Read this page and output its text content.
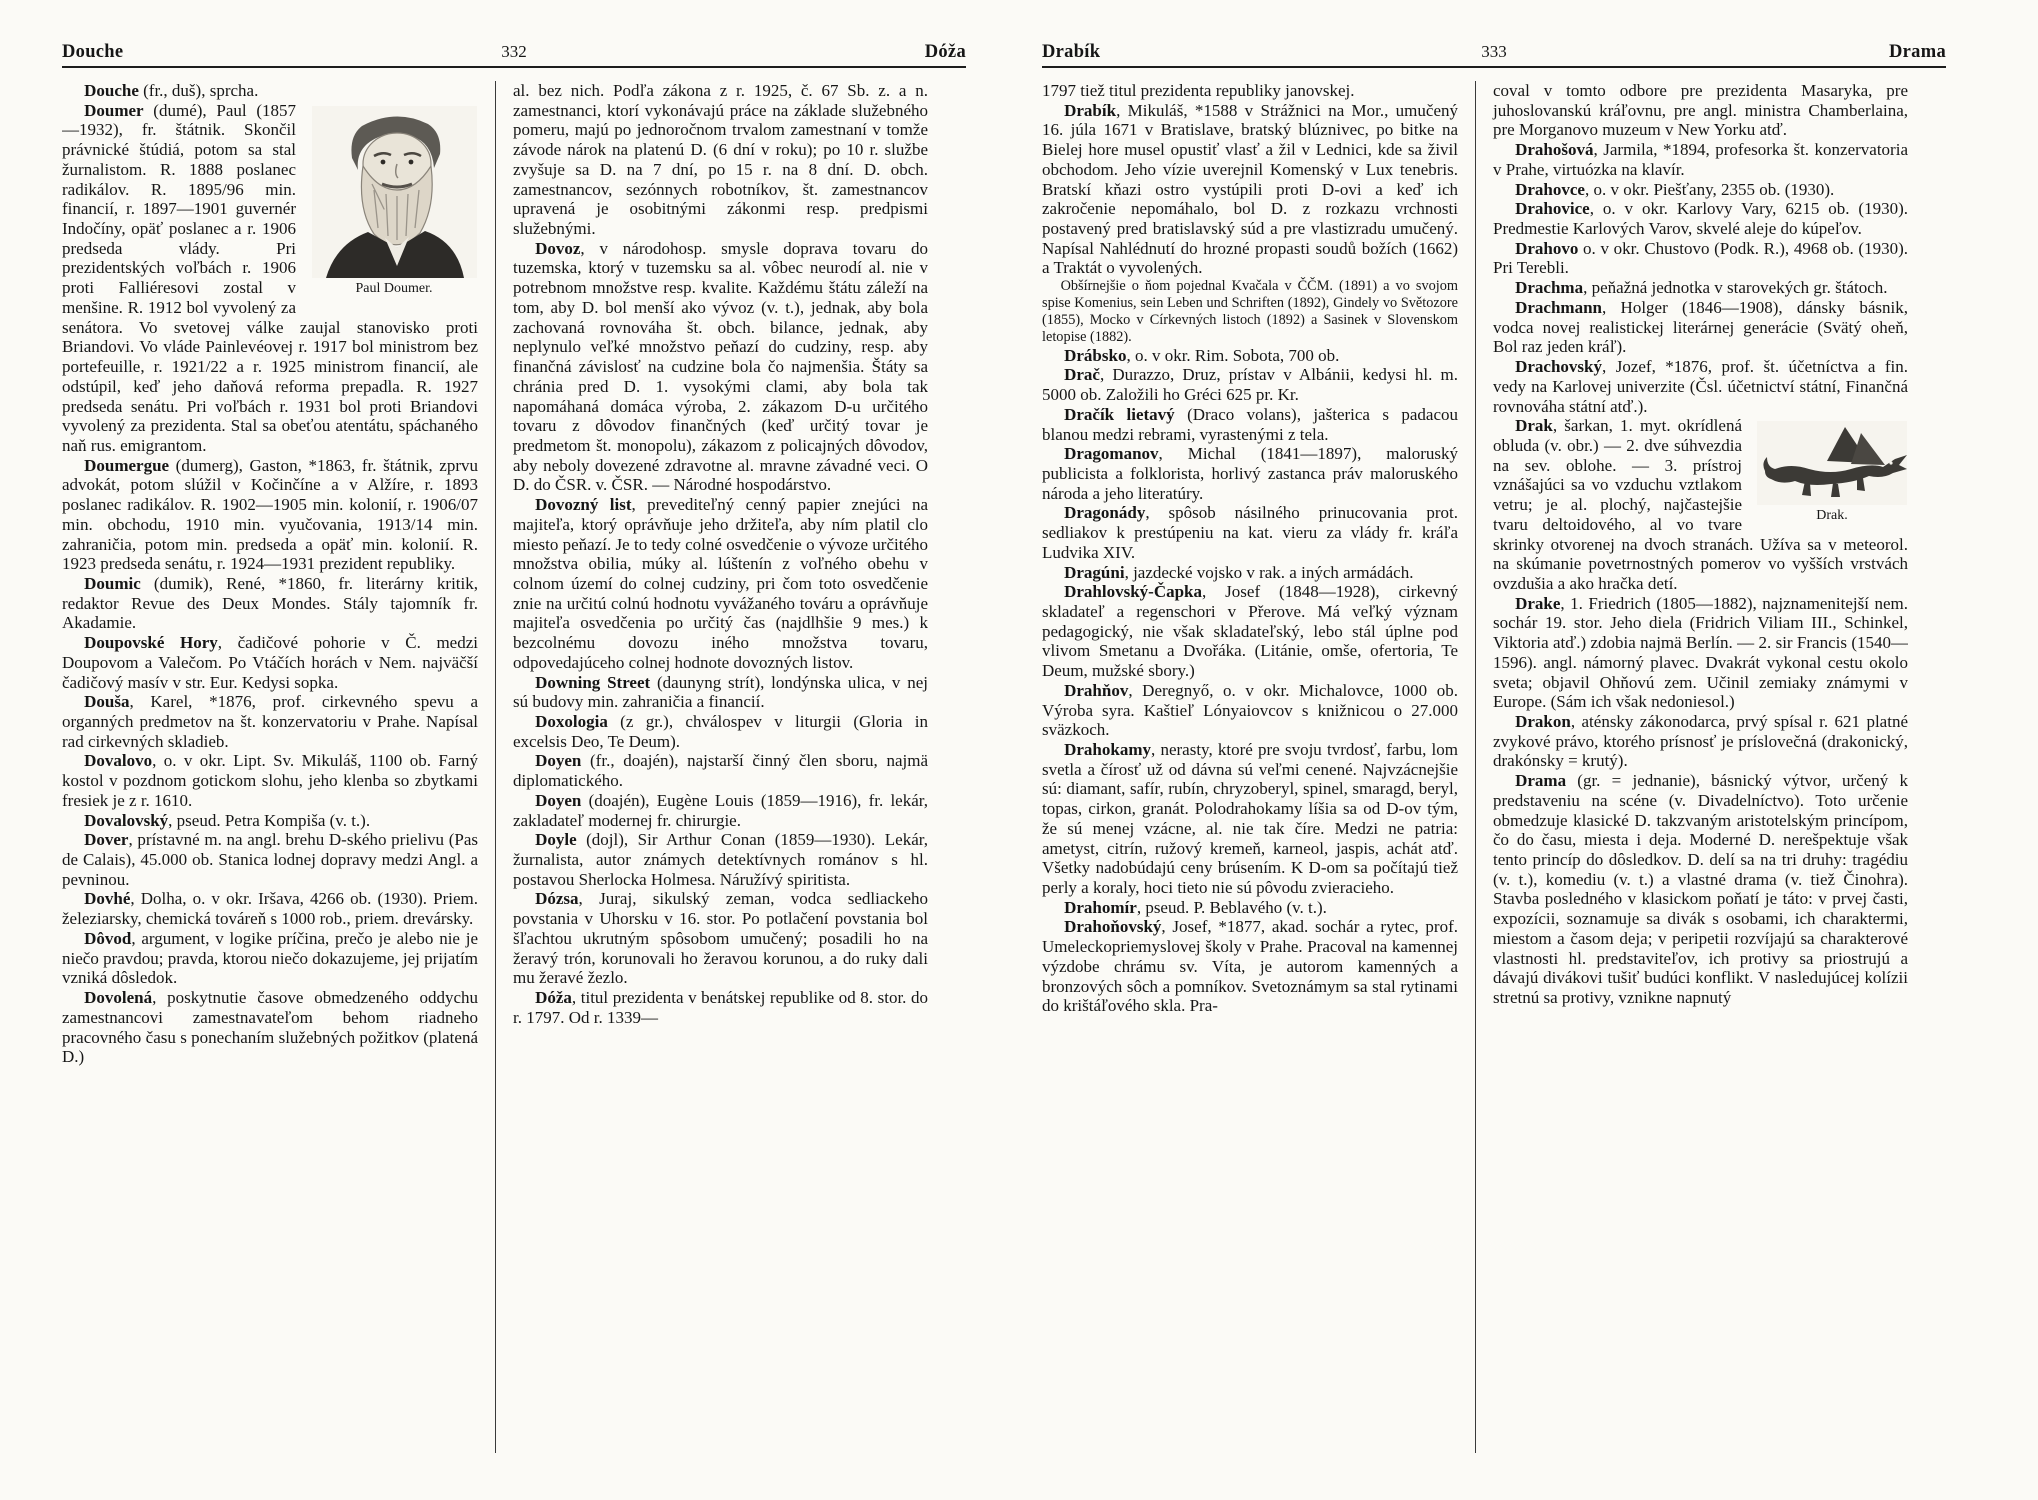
Douche	332	Dóža

Douche (fr., duš), sprcha.

Paul Doumer.
Doumer (dumé), Paul (1857—1932), fr. štátnik. Skončil právnické štúdiá, potom sa stal žurnalistom. R. 1888 poslanec radikálov. R. 1895/96 min. financií, r. 1897—1901 guvernér Indočíny, opäť poslanec a r. 1906 predseda vlády. Pri prezidentských voľbách r. 1906 proti Falliéresovi zostal v menšine. R. 1912 bol vyvolený za senátora. Vo svetovej válke zaujal stanovisko proti Briandovi. Vo vláde Painlevéovej r. 1917 bol ministrom bez portefeuille, r. 1921/22 a r. 1925 ministrom financií, ale odstúpil, keď jeho daňová reforma prepadla. R. 1927 predseda senátu. Pri voľbách r. 1931 bol proti Briandovi vyvolený za prezidenta. Stal sa obeťou atentátu, spáchaného naň rus. emigrantom.

Doumergue (dumerg), Gaston, *1863, fr. štátnik, zprvu advokát, potom slúžil v Kočinčíne a v Alžíre, r. 1893 poslanec radikálov. R. 1902—1905 min. kolonií, r. 1906/07 min. obchodu, 1910 min. vyučovania, 1913/14 min. zahraničia, potom min. predseda a opäť min. kolonií. R. 1923 predseda senátu, r. 1924—1931 prezident republiky.

Doumic (dumik), René, *1860, fr. literárny kritik, redaktor Revue des Deux Mondes. Stály tajomník fr. Akadamie.

Doupovské Hory, čadičové pohorie v Č. medzi Doupovom a Valečom. Po Vtáčích horách v Nem. najväčší čadičový masív v str. Eur. Kedysi sopka.

Douša, Karel, *1876, prof. cirkevného spevu a organných predmetov na št. konzervatoriu v Prahe. Napísal rad cirkevných skladieb.

Dovalovo, o. v okr. Lipt. Sv. Mikuláš, 1100 ob. Farný kostol v pozdnom gotickom slohu, jeho klenba so zbytkami fresiek je z r. 1610.

Dovalovský, pseud. Petra Kompiša (v. t.).

Dover, prístavné m. na angl. brehu D-ského prielivu (Pas de Calais), 45.000 ob. Stanica lodnej dopravy medzi Angl. a pevninou.

Dovhé, Dolha, o. v okr. Iršava, 4266 ob. (1930). Priem. železiarsky, chemická továreň s 1000 rob., priem. drevársky.

Dôvod, argument, v logike príčina, prečo je alebo nie je niečo pravdou; pravda, ktorou niečo dokazujeme, jej prijatím vzniká dôsledok.

Dovolená, poskytnutie časove obmedzeného oddychu zamestnancovi zamestnavateľom behom riadneho pracovného času s ponechaním služebných požitkov (platená D.)

al. bez nich. Podľa zákona z r. 1925, č. 67 Sb. z. a n. zamestnanci, ktorí vykonávajú práce na základe služebného pomeru, majú po jednoročnom trvalom zamestnaní v tomže závode nárok na platenú D. (6 dní v roku); po 10 r. službe zvyšuje sa D. na 7 dní, po 15 r. na 8 dní. D. obch. zamestnancov, sezónnych robotníkov, št. zamestnancov upravená je osobitnými zákonmi resp. predpismi služebnými.

Dovoz, v národohosp. smysle doprava tovaru do tuzemska, ktorý v tuzemsku sa al. vôbec neurodí al. nie v potrebnom množstve resp. kvalite. Každému štátu záleží na tom, aby D. bol menší ako vývoz (v. t.), jednak, aby bola zachovaná rovnováha št. obch. bilance, jednak, aby neplynulo veľké množstvo peňazí do cudziny, resp. aby finančná závislosť na cudzine bola čo najmenšia. Štáty sa chránia pred D. 1. vysokými clami, aby bola tak napomáhaná domáca výroba, 2. zákazom D-u určitého tovaru z dôvodov finančných (keď určitý tovar je predmetom št. monopolu), zákazom z policajných dôvodov, aby neboly dovezené zdravotne al. mravne závadné veci. O D. do ČSR. v. ČSR. — Národné hospodárstvo.

Dovozný list, prevediteľný cenný papier znejúci na majiteľa, ktorý oprávňuje jeho držiteľa, aby ním platil clo miesto peňazí. Je to tedy colné osvedčenie o vývoze určitého množstva obilia, múky al. lúštenín z voľného obehu v colnom území do colnej cudziny, pri čom toto osvedčenie znie na určitú colnú hodnotu vyvážaného továru a oprávňuje majiteľa osvedčenia po určitý čas (najdlhšie 9 mes.) k bezcolnému dovozu iného množstva tovaru, odpovedajúceho colnej hodnote dovozných listov.

Downing Street (daunyng strít), londýnska ulica, v nej sú budovy min. zahraničia a financií.

Doxologia (z gr.), chválospev v liturgii (Gloria in excelsis Deo, Te Deum).

Doyen (fr., doajén), najstarší činný člen sboru, najmä diplomatického.

Doyen (doajén), Eugène Louis (1859—1916), fr. lekár, zakladateľ modernej fr. chirurgie.

Doyle (dojl), Sir Arthur Conan (1859—1930). Lekár, žurnalista, autor známych detektívnych románov s hl. postavou Sherlocka Holmesa. Náružívý spiritista.

Dózsa, Juraj, sikulský zeman, vodca sedliackeho povstania v Uhorsku v 16. stor. Po potlačení povstania bol šľachtou ukrutným spôsobom umučený; posadili ho na žeravý trón, korunovali ho žeravou korunou, a do ruky dali mu žeravé žezlo.

Dóža, titul prezidenta v benátskej republike od 8. stor. do r. 1797. Od r. 1339—

Drabík	333	Drama

1797 tiež titul prezidenta republiky janovskej.

Drabík, Mikuláš, *1588 v Strážnici na Mor., umučený 16. júla 1671 v Bratislave, bratský blúznivec, po bitke na Bielej hore musel opustiť vlasť a žil v Lednici, kde sa živil obchodom. Jeho vízie uverejnil Komenský v Lux tenebris. Bratskí kňazi ostro vystúpili proti D-ovi a keď ich zakročenie nepomáhalo, bol D. z rozkazu vrchnosti postavený pred bratislavský súd a pre vlastizradu umučený. Napísal Nahlédnutí do hrozné propasti soudů božích (1662) a Traktát o vyvolených.

Obšírnejšie o ňom pojednal Kvačala v ČČM. (1891) a vo svojom spise Komenius, sein Leben und Schriften (1892), Gindely vo Světozore (1855), Mocko v Církevných listoch (1892) a Sasinek v Slovenskom letopise (1882).

Drábsko, o. v okr. Rim. Sobota, 700 ob.

Drač, Durazzo, Druz, prístav v Albánii, kedysi hl. m. 5000 ob. Založili ho Gréci 625 pr. Kr.

Dračík lietavý (Draco volans), jašterica s padacou blanou medzi rebrami, vyrastenými z tela.

Dragomanov, Michal (1841—1897), maloruský publicista a folklorista, horlivý zastanca práv maloruského národa a jeho literatúry.

Dragonády, spôsob násilného prinucovania prot. sedliakov k prestúpeniu na kat. vieru za vlády fr. kráľa Ludvika XIV.

Dragúni, jazdecké vojsko v rak. a iných armádách.

Drahlovský-Čapka, Josef (1848—1928), cirkevný skladateľ a regenschori v Přerove. Má veľký význam pedagogický, nie však skladateľský, lebo stál úplne pod vlivom Smetanu a Dvořáka. (Litánie, omše, ofertoria, Te Deum, mužské sbory.)

Drahňov, Deregnyő, o. v okr. Michalovce, 1000 ob. Výroba syra. Kaštieľ Lónyaiovcov s knižnicou o 27.000 sväzkoch.

Drahokamy, nerasty, ktoré pre svoju tvrdosť, farbu, lom svetla a čírosť už od dávna sú veľmi cenené. Najvzácnejšie sú: diamant, safír, rubín, chryzoberyl, spinel, smaragd, beryl, topas, cirkon, granát. Polodrahokamy líšia sa od D-ov tým, že sú menej vzácne, al. nie tak číre. Medzi ne patria: ametyst, citrín, ružový kremeň, karneol, jaspis, achát atď. Všetky nadobúdajú ceny brúsením. K D-om sa počítajú tiež perly a koraly, hoci tieto nie sú pôvodu zvieracieho.

Drahomír, pseud. P. Beblavého (v. t.).

Drahoňovský, Josef, *1877, akad. sochár a rytec, prof. Umeleckopriemyslovej školy v Prahe. Pracoval na kamennej výzdobe chrámu sv. Víta, je autorom kamenných a bronzových sôch a pomníkov. Svetoznámym sa stal rytinami do krištáľového skla. Pra-

coval v tomto odbore pre prezidenta Masaryka, pre juhoslovanskú kráľovnu, pre angl. ministra Chamberlaina, pre Morganovo muzeum v New Yorku atď.

Drahošová, Jarmila, *1894, profesorka št. konzervatoria v Prahe, virtuózka na klavír.

Drahovce, o. v okr. Piešťany, 2355 ob. (1930).

Drahovice, o. v okr. Karlovy Vary, 6215 ob. (1930). Predmestie Karlových Varov, skvelé aleje do kúpeľov.

Drahovo o. v okr. Chustovo (Podk. R.), 4968 ob. (1930). Pri Terebli.

Drachma, peňažná jednotka v starovekých gr. štátoch.

Drachmann, Holger (1846—1908), dánsky básnik, vodca novej realistickej literárnej generácie (Svätý oheň, Bol raz jeden kráľ).

Drachovský, Jozef, *1876, prof. št. účetníctva a fin. vedy na Karlovej univerzite (Čsl. účetnictví státní, Finančná rovnováha státní atď.).

Drak.
Drak, šarkan, 1. myt. okrídlená obluda (v. obr.) — 2. dve súhvezdia na sev. oblohe. — 3. prístroj vznášajúci sa vo vzduchu vztlakom vetru; je al. plochý, najčastejšie tvaru deltoidového, al vo tvare skrinky otvorenej na dvoch stranách. Užíva sa v meteorol. na skúmanie povetrnostných pomerov vo vyšších vrstvách ovzdušia a ako hračka detí.

Drake, 1. Friedrich (1805—1882), najznamenitejší nem. sochár 19. stor. Jeho diela (Fridrich Viliam III., Schinkel, Viktoria atď.) zdobia najmä Berlín. — 2. sir Francis (1540—1596). angl. námorný plavec. Dvakrát vykonal cestu okolo sveta; objavil Ohňovú zem. Učinil zemiaky známymi v Europe. (Sám ich však nedoniesol.)

Drakon, aténsky zákonodarca, prvý spísal r. 621 platné zvykové právo, ktorého prísnosť je príslovečná (drakonický, drakónsky = krutý).

Drama (gr. = jednanie), básnický výtvor, určený k predstaveniu na scéne (v. Divadelníctvo). Toto určenie obmedzuje klasické D. takzvaným aristotelským princípom, čo do času, miesta i deja. Moderné D. nerešpektuje však tento princíp do dôsledkov. D. delí sa na tri druhy: tragédiu (v. t.), komediu (v. t.) a vlastné drama (v. tiež Činohra). Stavba posledného v klasickom poňatí je táto: v prvej časti, expozícii, soznamuje sa divák s osobami, ich charaktermi, miestom a časom deja; v peripetii rozvíjajú sa charakterové vlastnosti hl. predstaviteľov, ich protivy sa priostrujú a dávajú divákovi tušiť budúci konflikt. V nasledujúcej kolízii stretnú sa protivy, vznikne napnutý
